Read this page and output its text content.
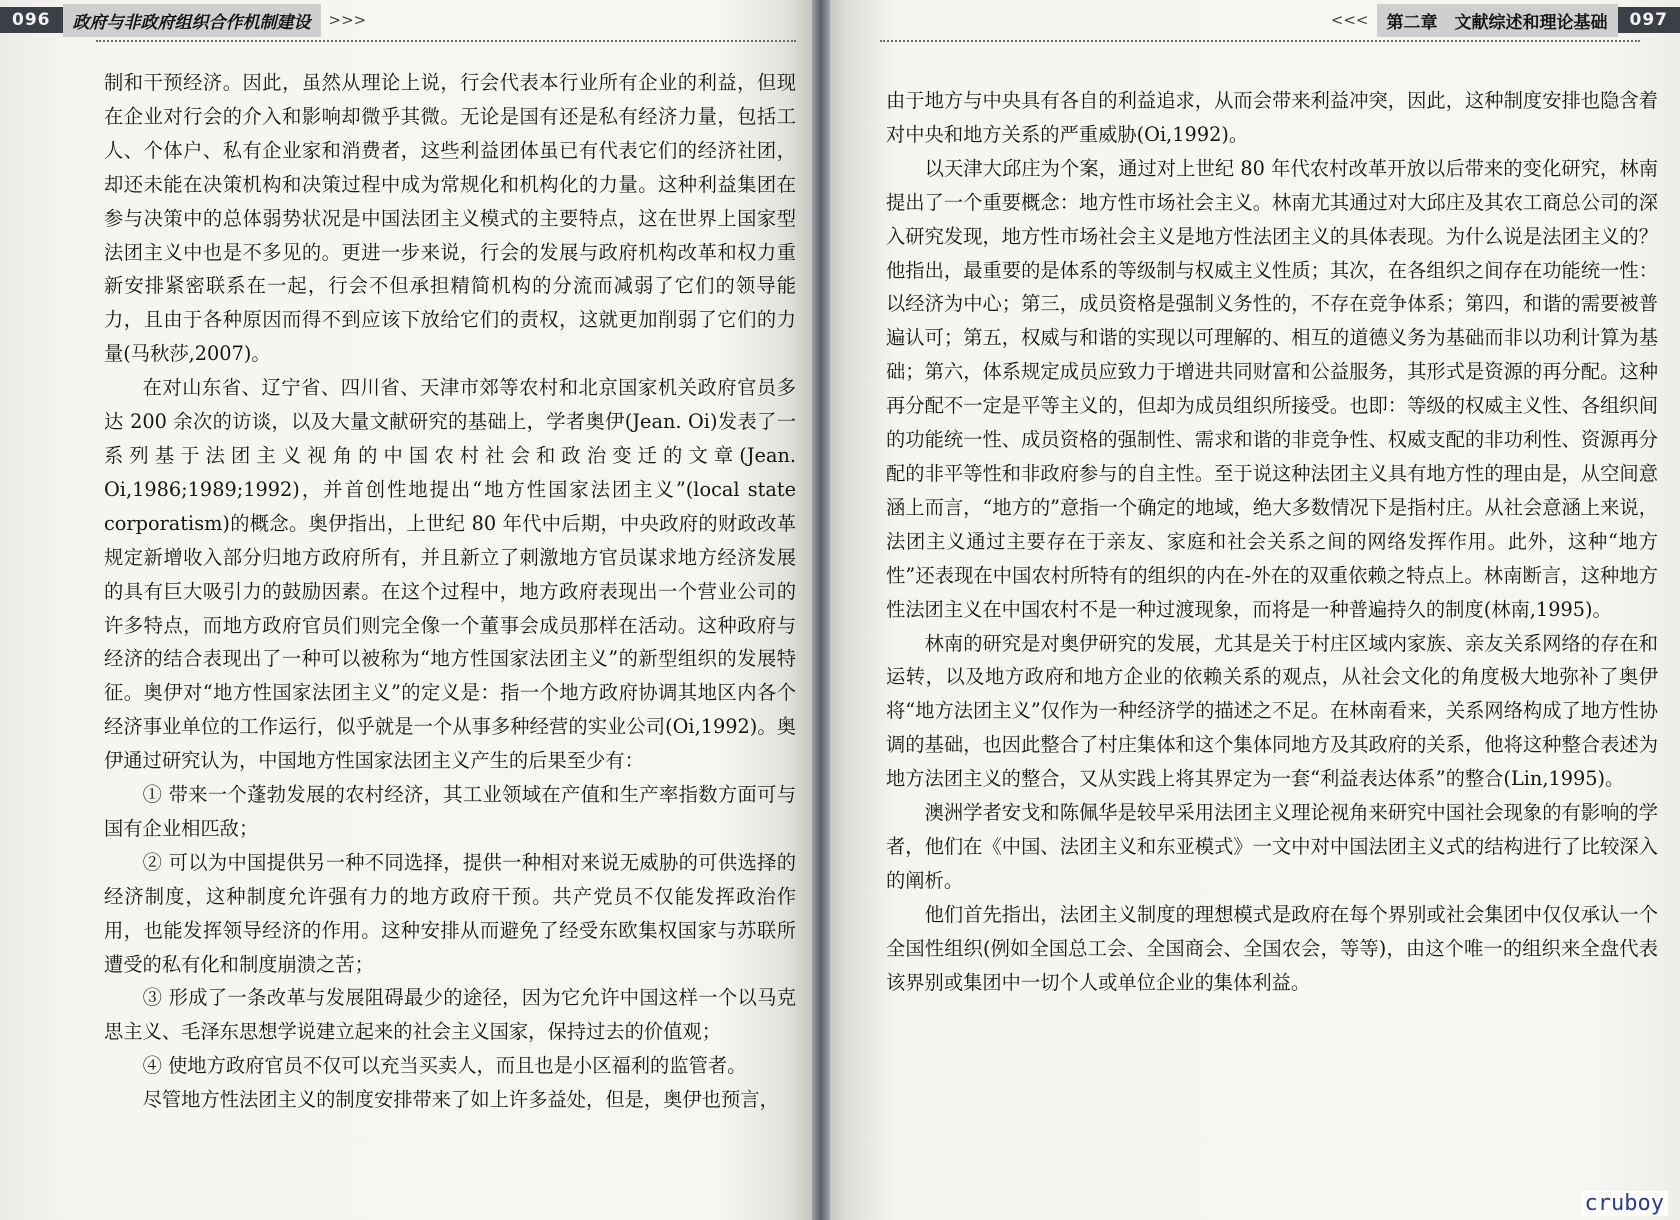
096	政府与非政府组织合作机制建设	>>>

制和干预经济。因此，虽然从理论上说，行会代表本行业所有企业的利益，但现在企业对行会的介入和影响却微乎其微。无论是国有还是私有经济力量，包括工人、个体户、私有企业家和消费者，这些利益团体虽已有代表它们的经济社团，却还未能在决策机构和决策过程中成为常规化和机构化的力量。这种利益集团在参与决策中的总体弱势状况是中国法团主义模式的主要特点，这在世界上国家型法团主义中也是不多见的。更进一步来说，行会的发展与政府机构改革和权力重新安排紧密联系在一起，行会不但承担精简机构的分流而减弱了它们的领导能力，且由于各种原因而得不到应该下放给它们的责权，这就更加削弱了它们的力量(马秋莎,2007)。

在对山东省、辽宁省、四川省、天津市郊等农村和北京国家机关政府官员多达 200 余次的访谈，以及大量文献研究的基础上，学者奥伊(Jean. Oi)发表了一系列基于法团主义视角的中国农村社会和政治变迁的文章(Jean. Oi,1986;1989;1992)，并首创性地提出“地方性国家法团主义”(local state corporatism)的概念。奥伊指出，上世纪 80 年代中后期，中央政府的财政改革规定新增收入部分归地方政府所有，并且新立了刺激地方官员谋求地方经济发展的具有巨大吸引力的鼓励因素。在这个过程中，地方政府表现出一个营业公司的许多特点，而地方政府官员们则完全像一个董事会成员那样在活动。这种政府与经济的结合表现出了一种可以被称为“地方性国家法团主义”的新型组织的发展特征。奥伊对“地方性国家法团主义”的定义是：指一个地方政府协调其地区内各个经济事业单位的工作运行，似乎就是一个从事多种经营的实业公司(Oi,1992)。奥伊通过研究认为，中国地方性国家法团主义产生的后果至少有：

① 带来一个蓬勃发展的农村经济，其工业领域在产值和生产率指数方面可与国有企业相匹敌；

② 可以为中国提供另一种不同选择，提供一种相对来说无威胁的可供选择的经济制度，这种制度允许强有力的地方政府干预。共产党员不仅能发挥政治作用，也能发挥领导经济的作用。这种安排从而避免了经受东欧集权国家与苏联所遭受的私有化和制度崩溃之苦；

③ 形成了一条改革与发展阻碍最少的途径，因为它允许中国这样一个以马克思主义、毛泽东思想学说建立起来的社会主义国家，保持过去的价值观；

④ 使地方政府官员不仅可以充当买卖人，而且也是小区福利的监管者。

尽管地方性法团主义的制度安排带来了如上许多益处，但是，奥伊也预言，

<<<	第二章　文献综述和理论基础	097

由于地方与中央具有各自的利益追求，从而会带来利益冲突，因此，这种制度安排也隐含着对中央和地方关系的严重威胁(Oi,1992)。

以天津大邱庄为个案，通过对上世纪 80 年代农村改革开放以后带来的变化研究，林南提出了一个重要概念：地方性市场社会主义。林南尤其通过对大邱庄及其农工商总公司的深入研究发现，地方性市场社会主义是地方性法团主义的具体表现。为什么说是法团主义的？他指出，最重要的是体系的等级制与权威主义性质；其次，在各组织之间存在功能统一性：以经济为中心；第三，成员资格是强制义务性的，不存在竞争体系；第四，和谐的需要被普遍认可；第五，权威与和谐的实现以可理解的、相互的道德义务为基础而非以功利计算为基础；第六，体系规定成员应致力于增进共同财富和公益服务，其形式是资源的再分配。这种再分配不一定是平等主义的，但却为成员组织所接受。也即：等级的权威主义性、各组织间的功能统一性、成员资格的强制性、需求和谐的非竞争性、权威支配的非功利性、资源再分配的非平等性和非政府参与的自主性。至于说这种法团主义具有地方性的理由是，从空间意涵上而言，“地方的”意指一个确定的地域，绝大多数情况下是指村庄。从社会意涵上来说，法团主义通过主要存在于亲友、家庭和社会关系之间的网络发挥作用。此外，这种“地方性”还表现在中国农村所特有的组织的内在-外在的双重依赖之特点上。林南断言，这种地方性法团主义在中国农村不是一种过渡现象，而将是一种普遍持久的制度(林南,1995)。

林南的研究是对奥伊研究的发展，尤其是关于村庄区域内家族、亲友关系网络的存在和运转，以及地方政府和地方企业的依赖关系的观点，从社会文化的角度极大地弥补了奥伊将“地方法团主义”仅作为一种经济学的描述之不足。在林南看来，关系网络构成了地方性协调的基础，也因此整合了村庄集体和这个集体同地方及其政府的关系，他将这种整合表述为地方法团主义的整合，又从实践上将其界定为一套“利益表达体系”的整合(Lin,1995)。

澳洲学者安戈和陈佩华是较早采用法团主义理论视角来研究中国社会现象的有影响的学者，他们在《中国、法团主义和东亚模式》一文中对中国法团主义式的结构进行了比较深入的阐析。

他们首先指出，法团主义制度的理想模式是政府在每个界别或社会集团中仅仅承认一个全国性组织(例如全国总工会、全国商会、全国农会，等等)，由这个唯一的组织来全盘代表该界别或集团中一切个人或单位企业的集体利益。

cruboy
